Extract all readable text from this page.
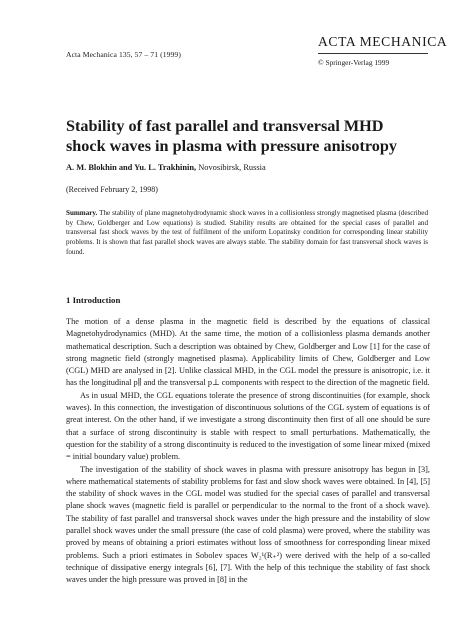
Acta Mechanica 135, 57 – 71 (1999)
ACTA MECHANICA
© Springer-Verlag 1999
Stability of fast parallel and transversal MHD shock waves in plasma with pressure anisotropy
A. M. Blokhin and Yu. L. Trakhinin, Novosibirsk, Russia
(Received February 2, 1998)

Summary. The stability of plane magnetohydrodynamic shock waves in a collisionless strongly magnetised plasma (described by Chew, Goldberger and Low equations) is studied. Stability results are obtained for the special cases of parallel and transversal fast shock waves by the test of fulfilment of the uniform Lopatinsky condition for corresponding linear stability problems. It is shown that fast parallel shock waves are always stable. The stability domain for fast transversal shock waves is found.

1 Introduction

The motion of a dense plasma in the magnetic field is described by the equations of classical Magnetohydrodynamics (MHD). At the same time, the motion of a collisionless plasma demands another mathematical description. Such a description was obtained by Chew, Goldberger and Low [1] for the case of strong magnetic field (strongly magnetised plasma). Applicability limits of Chew, Goldberger and Low (CGL) MHD are analysed in [2]. Unlike classical MHD, in the CGL model the pressure is anisotropic, i.e. it has the longitudinal p∥ and the transversal p⊥ components with respect to the direction of the magnetic field.

As in usual MHD, the CGL equations tolerate the presence of strong discontinuities (for example, shock waves). In this connection, the investigation of discontinuous solutions of the CGL system of equations is of great interest. On the other hand, if we investigate a strong discontinuity then first of all one should be sure that a surface of strong discontinuity is stable with respect to small perturbations. Mathematically, the question for the stability of a strong discontinuity is reduced to the investigation of some linear mixed (mixed = initial boundary value) problem.

The investigation of the stability of shock waves in plasma with pressure anisotropy has begun in [3], where mathematical statements of stability problems for fast and slow shock waves were obtained. In [4], [5] the stability of shock waves in the CGL model was studied for the special cases of parallel and transversal plane shock waves (magnetic field is parallel or perpendicular to the normal to the front of a shock wave). The stability of fast parallel and transversal shock waves under the high pressure and the instability of slow parallel shock waves under the small pressure (the case of cold plasma) were proved, where the stability was proved by means of obtaining a priori estimates without loss of smoothness for corresponding linear mixed problems. Such a priori estimates in Sobolev spaces W₂¹(R₊²) were derived with the help of a so-called technique of dissipative energy integrals [6], [7]. With the help of this technique the stability of fast shock waves under the high pressure was proved in [8] in the
